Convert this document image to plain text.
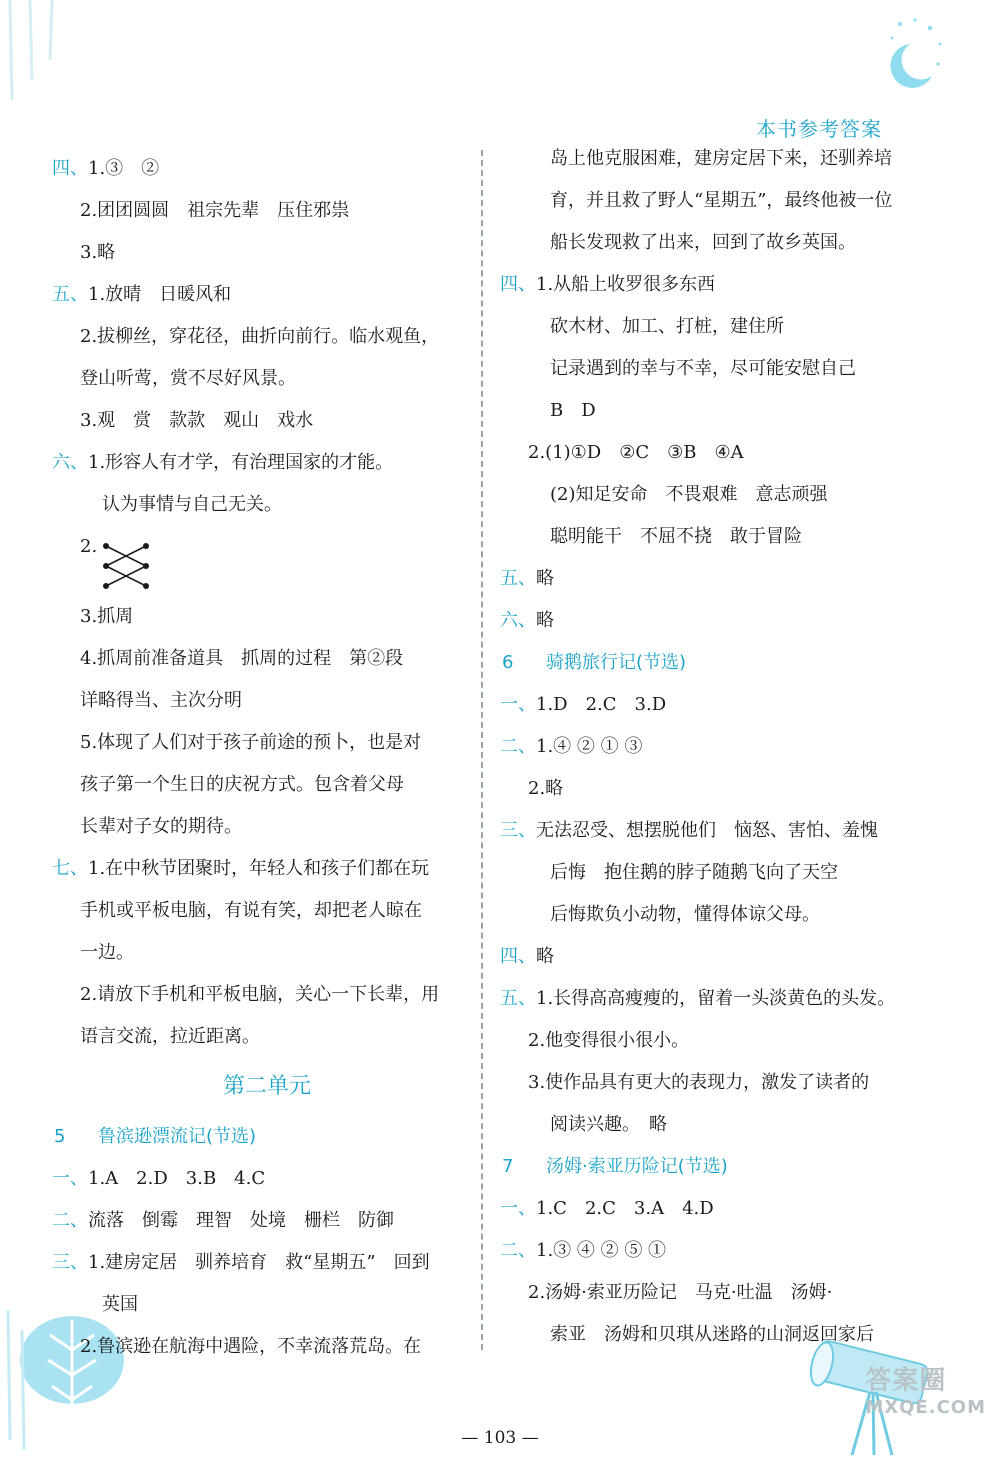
本书参考答案
四、1.③　②
2.团团圆圆　祖宗先辈　压住邪祟
3.略
五、1.放晴　日暖风和
2.拔柳丝，穿花径，曲折向前行。临水观鱼，
登山听莺，赏不尽好风景。
3.观　赏　款款　观山　戏水
六、1.形容人有才学，有治理国家的才能。
认为事情与自己无关。
2.
3.抓周
4.抓周前准备道具　抓周的过程　第②段
详略得当、主次分明
5.体现了人们对于孩子前途的预卜，也是对
孩子第一个生日的庆祝方式。包含着父母
长辈对子女的期待。
七、1.在中秋节团聚时，年轻人和孩子们都在玩
手机或平板电脑，有说有笑，却把老人晾在
一边。
2.请放下手机和平板电脑，关心一下长辈，用
语言交流，拉近距离。
第二单元
5 鲁滨逊漂流记(节选)
一、1.A　2.D　3.B　4.C
二、流落　倒霉　理智　处境　栅栏　防御
三、1.建房定居　驯养培育　救“星期五”　回到
英国
2.鲁滨逊在航海中遇险，不幸流落荒岛。在
岛上他克服困难，建房定居下来，还驯养培
育，并且救了野人“星期五”，最终他被一位
船长发现救了出来，回到了故乡英国。
四、1.从船上收罗很多东西
砍木材、加工、打桩，建住所
记录遇到的幸与不幸，尽可能安慰自己
B　D
2.(1)①D　②C　③B　④A
(2)知足安命　不畏艰难　意志顽强
聪明能干　不屈不挠　敢于冒险
五、略
六、略
6 骑鹅旅行记(节选)
一、1.D　2.C　3.D
二、1.④ ② ① ③
2.略
三、无法忍受、想摆脱他们　恼怒、害怕、羞愧
后悔　抱住鹅的脖子随鹅飞向了天空
后悔欺负小动物，懂得体谅父母。
四、略
五、1.长得高高瘦瘦的，留着一头淡黄色的头发。
2.他变得很小很小。
3.使作品具有更大的表现力，激发了读者的
阅读兴趣。　略
7 汤姆·索亚历险记(节选)
一、1.C　2.C　3.A　4.D
二、1.③ ④ ② ⑤ ①
2.汤姆·索亚历险记　马克·吐温　汤姆·
索亚　汤姆和贝琪从迷路的山洞返回家后
— 103 —
答案圈
MXQE.COM
